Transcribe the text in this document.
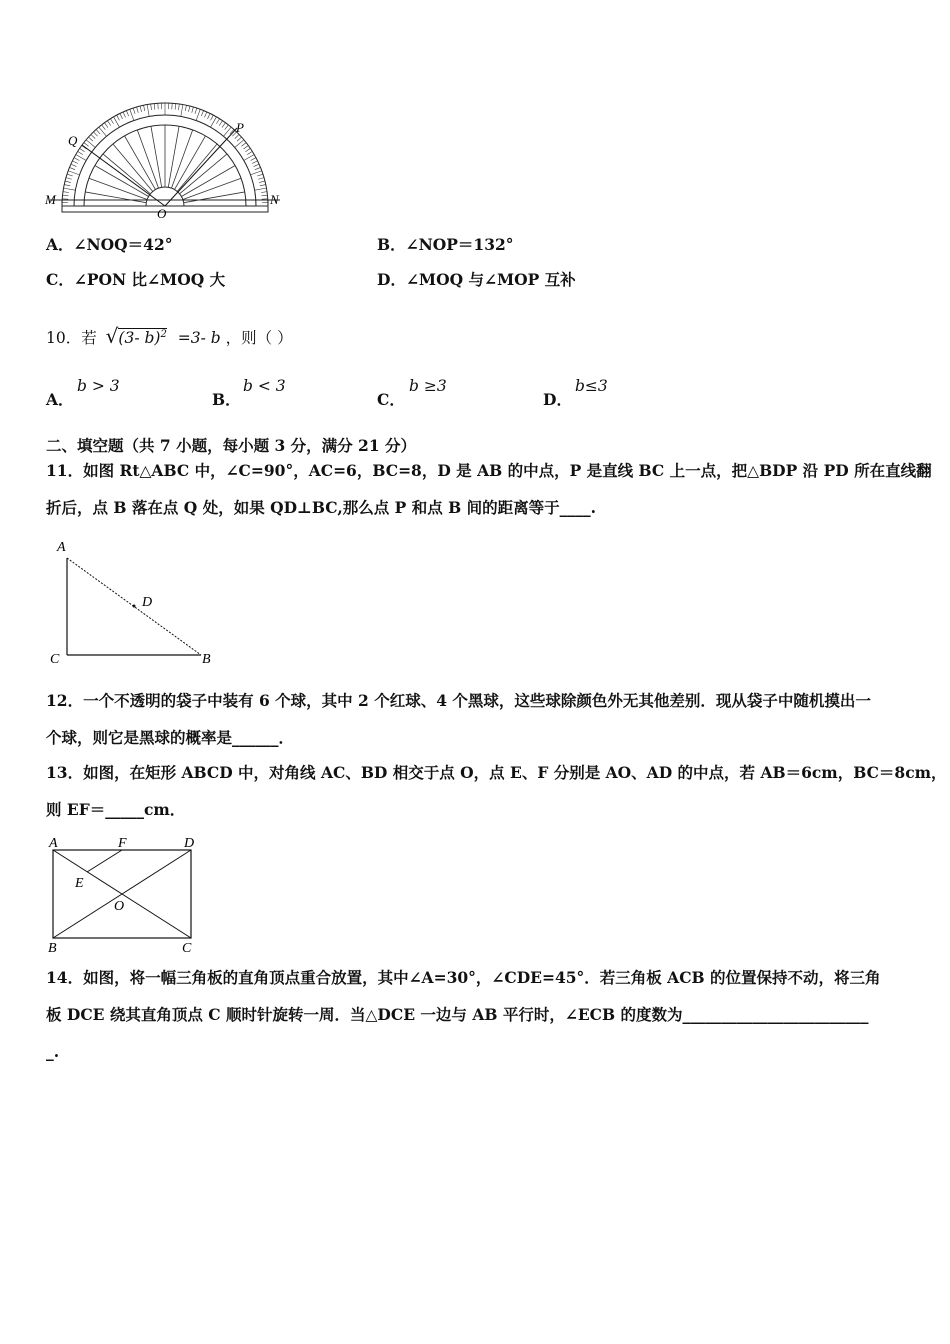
M	N
O
P
Q
A．∠NOQ＝42°	B．∠NOP＝132°
C．∠PON 比∠MOQ 大	D．∠MOQ 与∠MOP 互补
10．若 √(3- b)$^2$ =3- b ，则（ ）
A．
b > 3
B．
b < 3
C．
b ≥3
D．
b≤3
二、填空题（共 7 小题，每小题 3 分，满分 21 分）
11．如图 Rt△ABC 中，∠C=90°，AC=6，BC=8，D 是 AB 的中点，P 是直线 BC 上一点，把△BDP 沿 PD 所在直线翻
折后，点 B 落在点 Q 处，如果 QD⊥BC,那么点 P 和点 B 间的距离等于____.
A
C	B
D
12．一个不透明的袋子中装有 6 个球，其中 2 个红球、4 个黑球，这些球除颜色外无其他差别．现从袋子中随机摸出一
个球，则它是黑球的概率是______．
13．如图，在矩形 ABCD 中，对角线 AC、BD 相交于点 O，点 E、F 分别是 AO、AD 的中点，若 AB＝6cm，BC＝8cm，
则 EF＝_____cm．
A	F	D
E
O
B	C
14．如图，将一幅三角板的直角顶点重合放置，其中∠A=30°，∠CDE=45°．若三角板 ACB 的位置保持不动，将三角
板 DCE 绕其直角顶点 C 顺时针旋转一周．当△DCE 一边与 AB 平行时，∠ECB 的度数为________________________
_.
